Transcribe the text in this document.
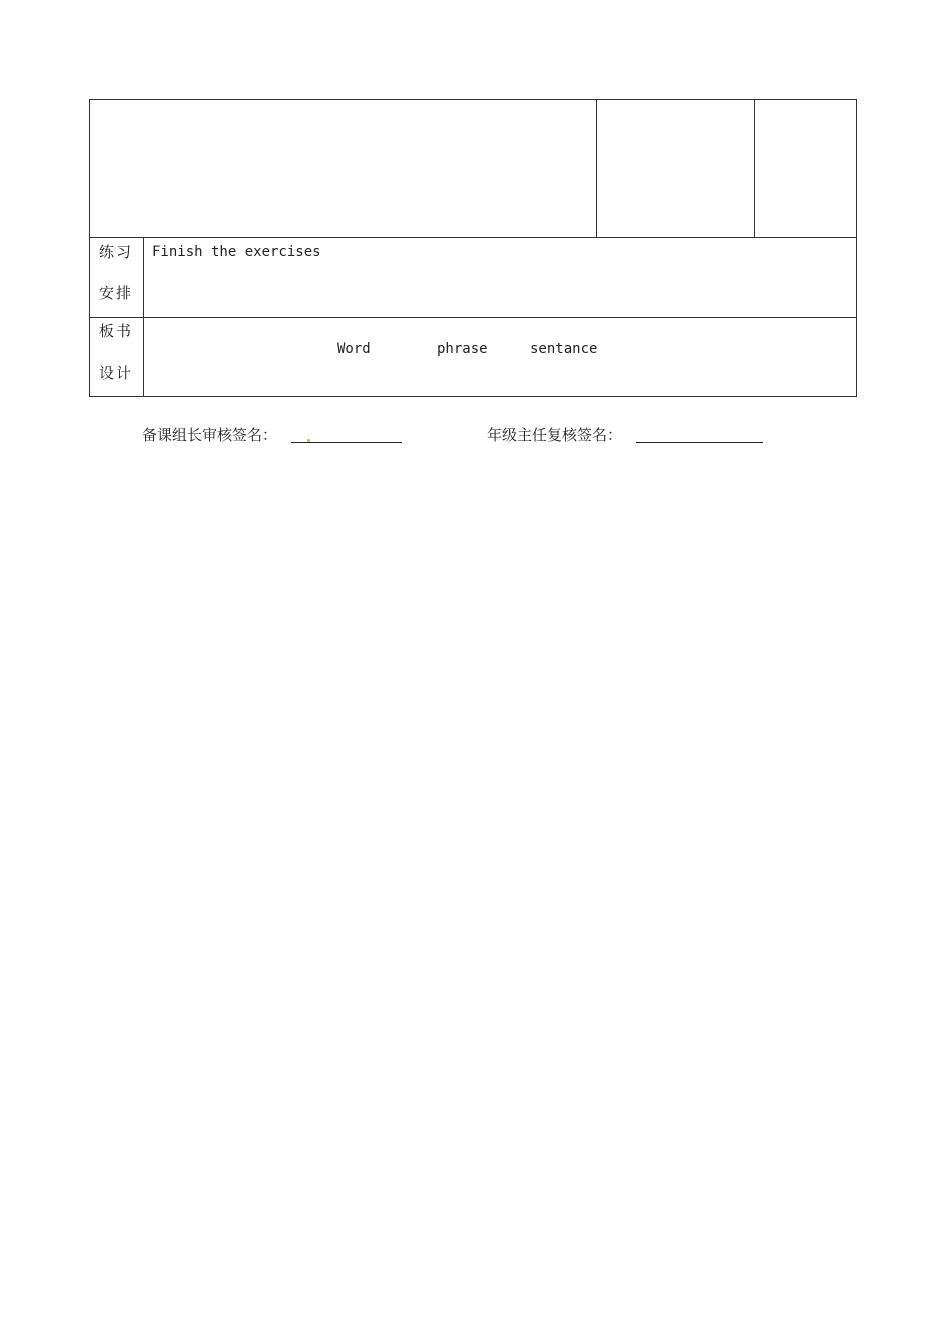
练习
安排
Finish the exercises
板书
设计
Word	phrase	sentance
备课组长审核签名：	年级主任复核签名：
